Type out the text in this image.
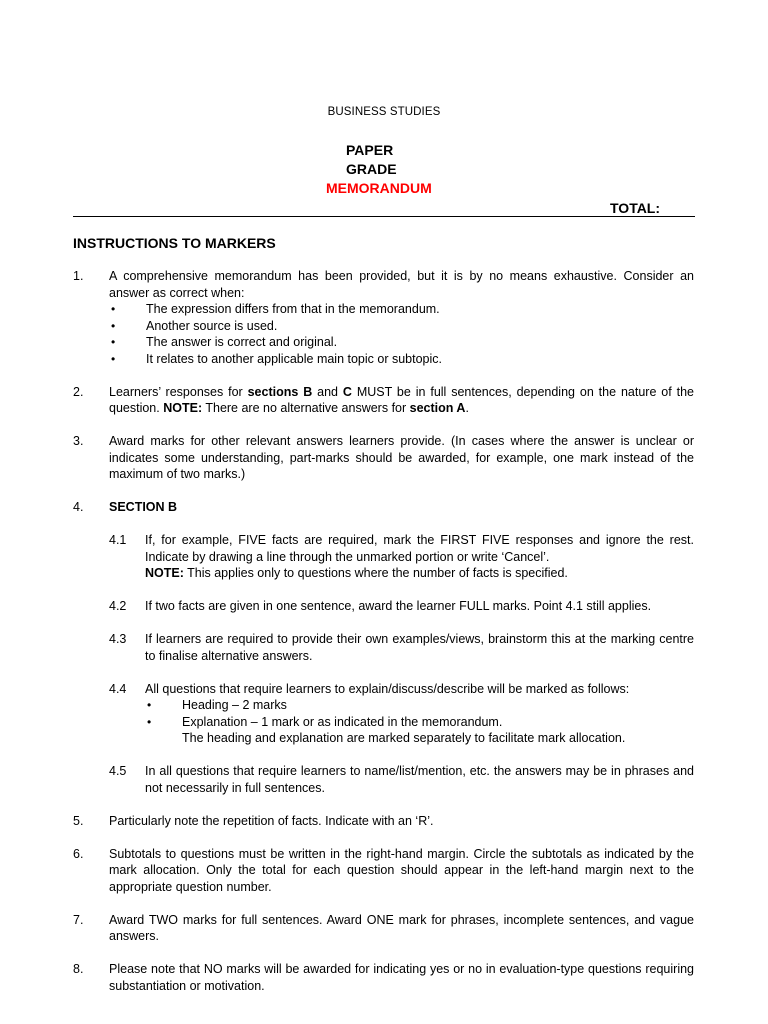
BUSINESS STUDIES
PAPER
GRADE
MEMORANDUM
TOTAL:
INSTRUCTIONS TO MARKERS
1. A comprehensive memorandum has been provided, but it is by no means exhaustive. Consider an answer as correct when:
• The expression differs from that in the memorandum.
• Another source is used.
• The answer is correct and original.
• It relates to another applicable main topic or subtopic.
2. Learners’ responses for sections B and C MUST be in full sentences, depending on the nature of the question. NOTE: There are no alternative answers for section A.
3. Award marks for other relevant answers learners provide. (In cases where the answer is unclear or indicates some understanding, part-marks should be awarded, for example, one mark instead of the maximum of two marks.)
4. SECTION B
4.1 If, for example, FIVE facts are required, mark the FIRST FIVE responses and ignore the rest. Indicate by drawing a line through the unmarked portion or write ‘Cancel’.
NOTE: This applies only to questions where the number of facts is specified.
4.2 If two facts are given in one sentence, award the learner FULL marks. Point 4.1 still applies.
4.3 If learners are required to provide their own examples/views, brainstorm this at the marking centre to finalise alternative answers.
4.4 All questions that require learners to explain/discuss/describe will be marked as follows:
• Heading – 2 marks
• Explanation – 1 mark or as indicated in the memorandum.
The heading and explanation are marked separately to facilitate mark allocation.
4.5 In all questions that require learners to name/list/mention, etc. the answers may be in phrases and not necessarily in full sentences.
5. Particularly note the repetition of facts. Indicate with an ‘R’.
6. Subtotals to questions must be written in the right-hand margin. Circle the subtotals as indicated by the mark allocation. Only the total for each question should appear in the left-hand margin next to the appropriate question number.
7. Award TWO marks for full sentences. Award ONE mark for phrases, incomplete sentences, and vague answers.
8. Please note that NO marks will be awarded for indicating yes or no in evaluation-type questions requiring substantiation or motivation.
